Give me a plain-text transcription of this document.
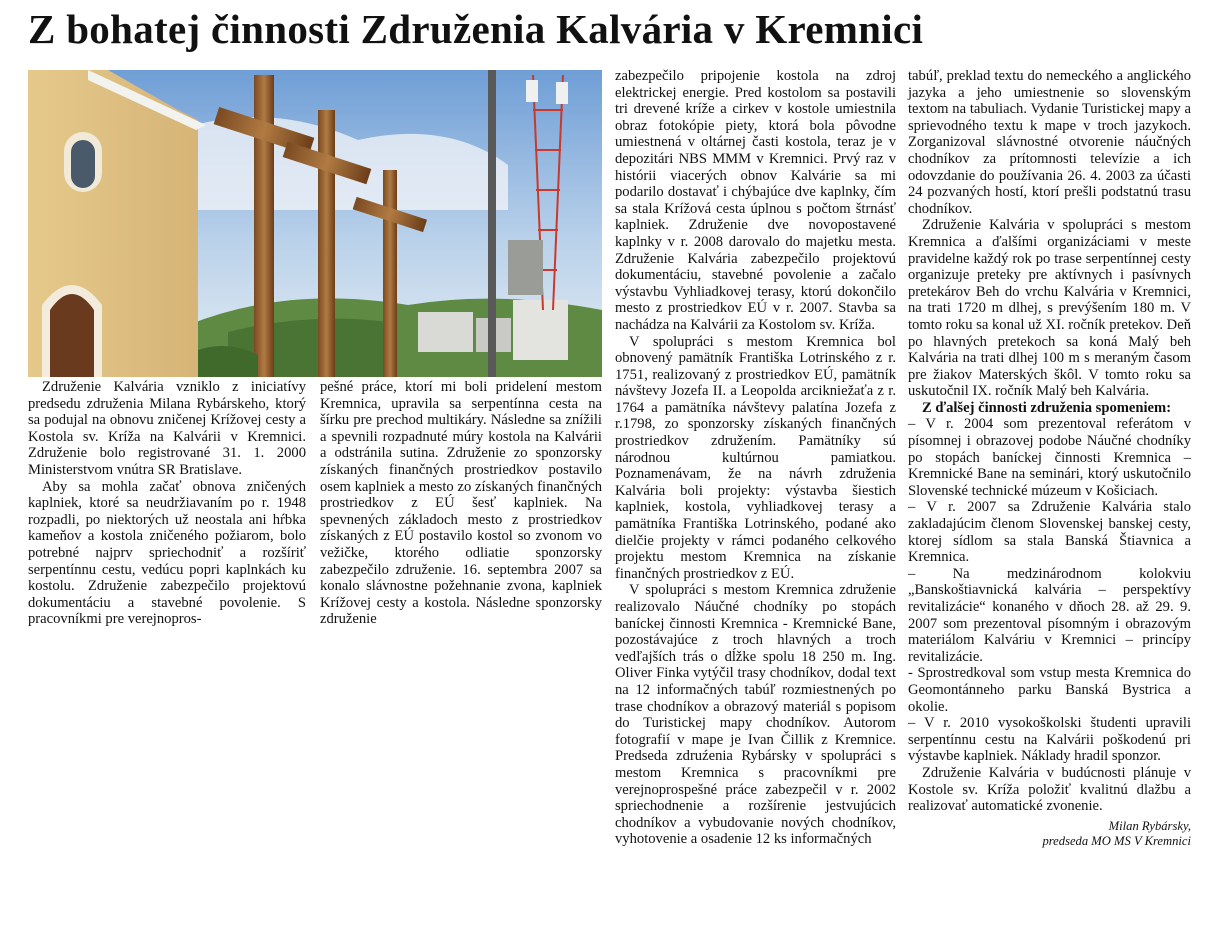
Z bohatej činnosti Združenia Kalvária v Kremnici

Združenie Kalvária vzniklo z iniciatívy predsedu združenia Milana Rybárskeho, ktorý sa podujal na obnovu zničenej Krížovej cesty a Kostola sv. Kríža na Kalvárii v Kremnici. Združenie bolo registrované 31. 1. 2000 Ministerstvom vnútra SR Bratislave.

Aby sa mohla začať obnova zničených kaplniek, ktoré sa neudržiavaním po r. 1948 rozpadli, po niektorých už neostala ani hŕbka kameňov a kostola zničeného požiarom, bolo potrebné najprv spriechodniť a rozšíriť serpentínnu cestu, vedúcu popri kaplnkách ku kostolu. Združenie zabezpečilo projektovú dokumentáciu a stavebné povolenie. S pracovníkmi pre verejnopros-

pešné práce, ktorí mi boli pridelení mestom Kremnica, upravila sa serpentínna cesta na šírku pre prechod multikáry. Následne sa znížili a spevnili rozpadnuté múry kostola na Kalvárii a odstránila sutina. Združenie zo sponzorsky získaných finančných prostriedkov postavilo osem kaplniek a mesto zo získaných finančných prostriedkov z EÚ šesť kaplniek. Na spevnených základoch mesto z prostriedkov získaných z EÚ postavilo kostol so zvonom vo vežičke, ktorého odliatie sponzorsky zabezpečilo združenie. 16. septembra 2007 sa konalo slávnostne požehnanie zvona, kaplniek Krížovej cesty a kostola. Následne sponzorsky združenie

zabezpečilo pripojenie kostola na zdroj elektrickej energie. Pred kostolom sa postavili tri drevené kríže a cirkev v kostole umiestnila obraz fotokópie piety, ktorá bola pôvodne umiestnená v oltárnej časti kostola, teraz je v depozitári NBS MMM v Kremnici. Prvý raz v histórii viacerých obnov Kalvárie sa mi podarilo dostavať i chýbajúce dve kaplnky, čím sa stala Krížová cesta úplnou s počtom štrnásť kaplniek. Združenie dve novopostavené kaplnky v r. 2008 darovalo do majetku mesta. Združenie Kalvária zabezpečilo projektovú dokumentáciu, stavebné povolenie a začalo výstavbu Vyhliadkovej terasy, ktorú dokončilo mesto z prostriedkov EÚ v r. 2007. Stavba sa nachádza na Kalvárii za Kostolom sv. Kríža.

V spolupráci s mestom Kremnica bol obnovený pamätník Františka Lotrinského z r. 1751, realizovaný z prostriedkov EÚ, pamätník návštevy Jozefa II. a Leopolda arcikniežaťa z r. 1764 a pamätníka návštevy palatína Jozefa z r.1798, zo sponzorsky získaných finančných prostriedkov združením. Pamätníky sú národnou kultúrnou pamiatkou. Poznamenávam, že na návrh združenia Kalvária boli projekty: výstavba šiestich kaplniek, kostola, vyhliadkovej terasy a pamätníka Františka Lotrinského, podané ako dielčie projekty v rámci podaného celkového projektu mestom Kremnica na získanie finančných prostriedkov z EÚ.

V spolupráci s mestom Kremnica združenie realizovalo Náučné chodníky po stopách baníckej činnosti Kremnica - Kremnické Bane, pozostávajúce z troch hlavných a troch vedľajších trás o dĺžke spolu 18 250 m. Ing. Oliver Finka vytýčil trasy chodníkov, dodal text na 12 informačných tabúľ rozmiestnených po trase chodníkov a obrazový materiál s popisom do Turistickej mapy chodníkov. Autorom fotografií v mape je Ivan Čillik z Kremnice. Predseda zdruźenia Rybársky v spolupráci s mestom Kremnica s pracovníkmi pre verejnoprospešné práce zabezpečil v r. 2002 spriechodnenie a rozšírenie jestvujúcich chodníkov a vybudovanie nových chodníkov, vyhotovenie a osadenie 12 ks informačných

tabúľ, preklad textu do nemeckého a anglického jazyka a jeho umiestnenie so slovenským textom na tabuliach. Vydanie Turistickej mapy a sprievodného textu k mape v troch jazykoch. Zorganizoval slávnostné otvorenie náučných chodníkov za prítomnosti televízie a ich odovzdanie do používania 26. 4. 2003 za účasti 24 pozvaných hostí, ktorí prešli podstatnú trasu chodníkov.

Združenie Kalvária v spolupráci s mestom Kremnica a ďalšími organizáciami v meste pravidelne každý rok po trase serpentínnej cesty organizuje preteky pre aktívnych i pasívnych pretekárov Beh do vrchu Kalvária v Kremnici, na trati 1720 m dlhej, s prevýšením 180 m. V tomto roku sa konal už XI. ročník pretekov. Deň po hlavných pretekoch sa koná Malý beh Kalvária na trati dlhej 100 m s meraným časom pre žiakov Materských škôl. V tomto roku sa uskutočnil IX. ročník Malý beh Kalvária.

Z ďalšej činnosti združenia spomeniem:

– V r. 2004 som prezentoval referátom v písomnej i obrazovej podobe Náučné chodníky po stopách baníckej činnosti Kremnica – Kremnické Bane na seminári, ktorý uskutočnilo Slovenské technické múzeum v Košiciach.

– V r. 2007 sa Združenie Kalvária stalo zakladajúcim členom Slovenskej banskej cesty, ktorej sídlom sa stala Banská Štiavnica a Kremnica.

– Na medzinárodnom kolokviu „Banskoštiavnická kalvária – perspektívy revitalizácie“ konaného v dňoch 28. až 29. 9. 2007 som prezentoval písomným i obrazovým materiálom Kalváriu v Kremnici – princípy revitalizácie.

- Sprostredkoval som vstup mesta Kremnica do Geomontánneho parku Banská Bystrica a okolie.

– V r. 2010 vysokoškolski študenti upravili serpentínnu cestu na Kalvárii poškodenú pri výstavbe kaplniek. Náklady hradil sponzor.

Združenie Kalvária v budúcnosti plánuje v Kostole sv. Kríža položiť kvalitnú dlažbu a realizovať automatické zvonenie.

Milan Rybársky,
predseda MO MS V Kremnici
